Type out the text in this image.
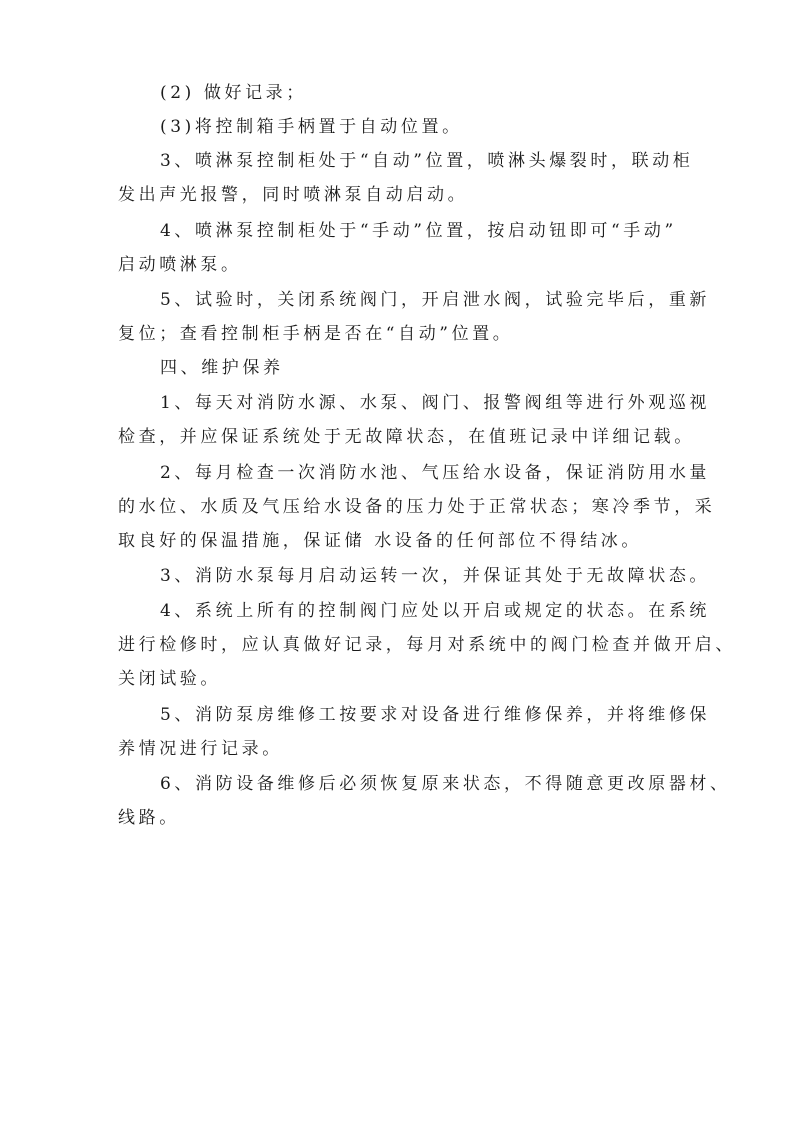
(2) 做好记录；
(3)将控制箱手柄置于自动位置。
3、喷淋泵控制柜处于“自动”位置，喷淋头爆裂时，联动柜
发出声光报警，同时喷淋泵自动启动。
4、喷淋泵控制柜处于“手动”位置，按启动钮即可“手动”
启动喷淋泵。
5、试验时，关闭系统阀门，开启泄水阀，试验完毕后，重新
复位；查看控制柜手柄是否在“自动”位置。
四、维护保养
1、每天对消防水源、水泵、阀门、报警阀组等进行外观巡视
检查，并应保证系统处于无故障状态，在值班记录中详细记载。
2、每月检查一次消防水池、气压给水设备，保证消防用水量
的水位、水质及气压给水设备的压力处于正常状态；寒冷季节，采
取良好的保温措施，保证储 水设备的任何部位不得结冰。
3、消防水泵每月启动运转一次，并保证其处于无故障状态。
4、系统上所有的控制阀门应处以开启或规定的状态。在系统
进行检修时，应认真做好记录，每月对系统中的阀门检查并做开启、
关闭试验。
5、消防泵房维修工按要求对设备进行维修保养，并将维修保
养情况进行记录。
6、消防设备维修后必须恢复原来状态，不得随意更改原器材、
线路。
